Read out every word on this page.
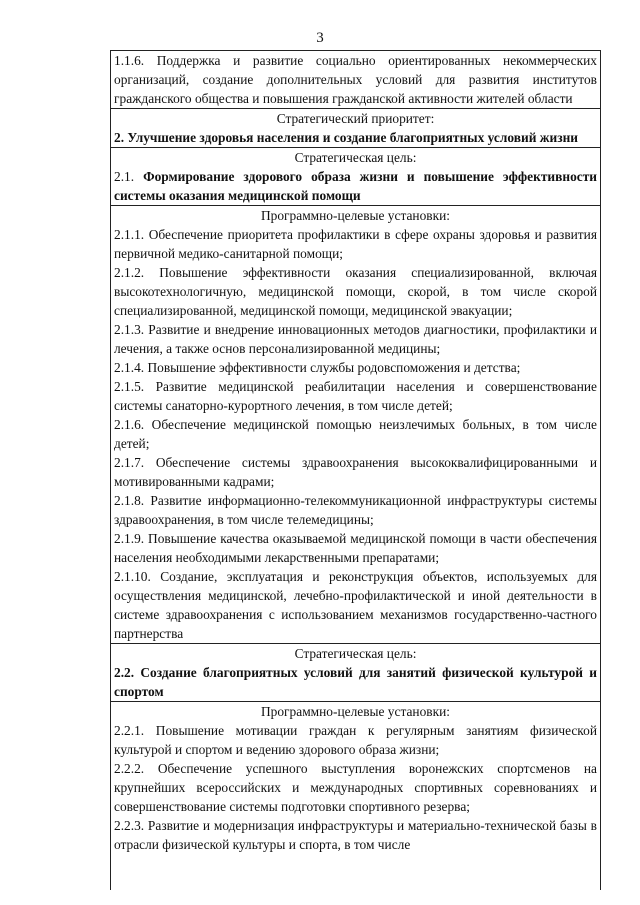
3

1.1.6. Поддержка и развитие социально ориентированных некоммерческих организаций, создание дополнительных условий для развития институтов гражданского общества и повышения гражданской активности жителей области

Стратегический приоритет:

2. Улучшение здоровья населения и создание благоприятных условий жизни

Стратегическая цель:

2.1. Формирование здорового образа жизни и повышение эффективности системы оказания медицинской помощи

Программно-целевые установки:

2.1.1. Обеспечение приоритета профилактики в сфере охраны здоровья и развития первичной медико-санитарной помощи;

2.1.2. Повышение эффективности оказания специализированной, включая высокотехнологичную, медицинской помощи, скорой, в том числе скорой специализированной, медицинской помощи, медицинской эвакуации;

2.1.3. Развитие и внедрение инновационных методов диагностики, профилактики и лечения, а также основ персонализированной медицины;

2.1.4. Повышение эффективности службы родовспоможения и детства;

2.1.5. Развитие медицинской реабилитации населения и совершенствование системы санаторно-курортного лечения, в том числе детей;

2.1.6. Обеспечение медицинской помощью неизлечимых больных, в том числе детей;

2.1.7. Обеспечение системы здравоохранения высококвалифицированными и мотивированными кадрами;

2.1.8. Развитие информационно-телекоммуникационной инфраструктуры системы здравоохранения, в том числе телемедицины;

2.1.9. Повышение качества оказываемой медицинской помощи в части обеспечения населения необходимыми лекарственными препаратами;

2.1.10. Создание, эксплуатация и реконструкция объектов, используемых для осуществления медицинской, лечебно-профилактической и иной деятельности в системе здравоохранения с использованием механизмов государственно-частного партнерства

Стратегическая цель:

2.2. Создание благоприятных условий для занятий физической культурой и спортом

Программно-целевые установки:

2.2.1. Повышение мотивации граждан к регулярным занятиям физической культурой и спортом и ведению здорового образа жизни;

2.2.2. Обеспечение успешного выступления воронежских спортсменов на крупнейших всероссийских и международных спортивных соревнованиях и совершенствование системы подготовки спортивного резерва;

2.2.3. Развитие и модернизация инфраструктуры и материально-технической базы в отрасли физической культуры и спорта, в том числе
